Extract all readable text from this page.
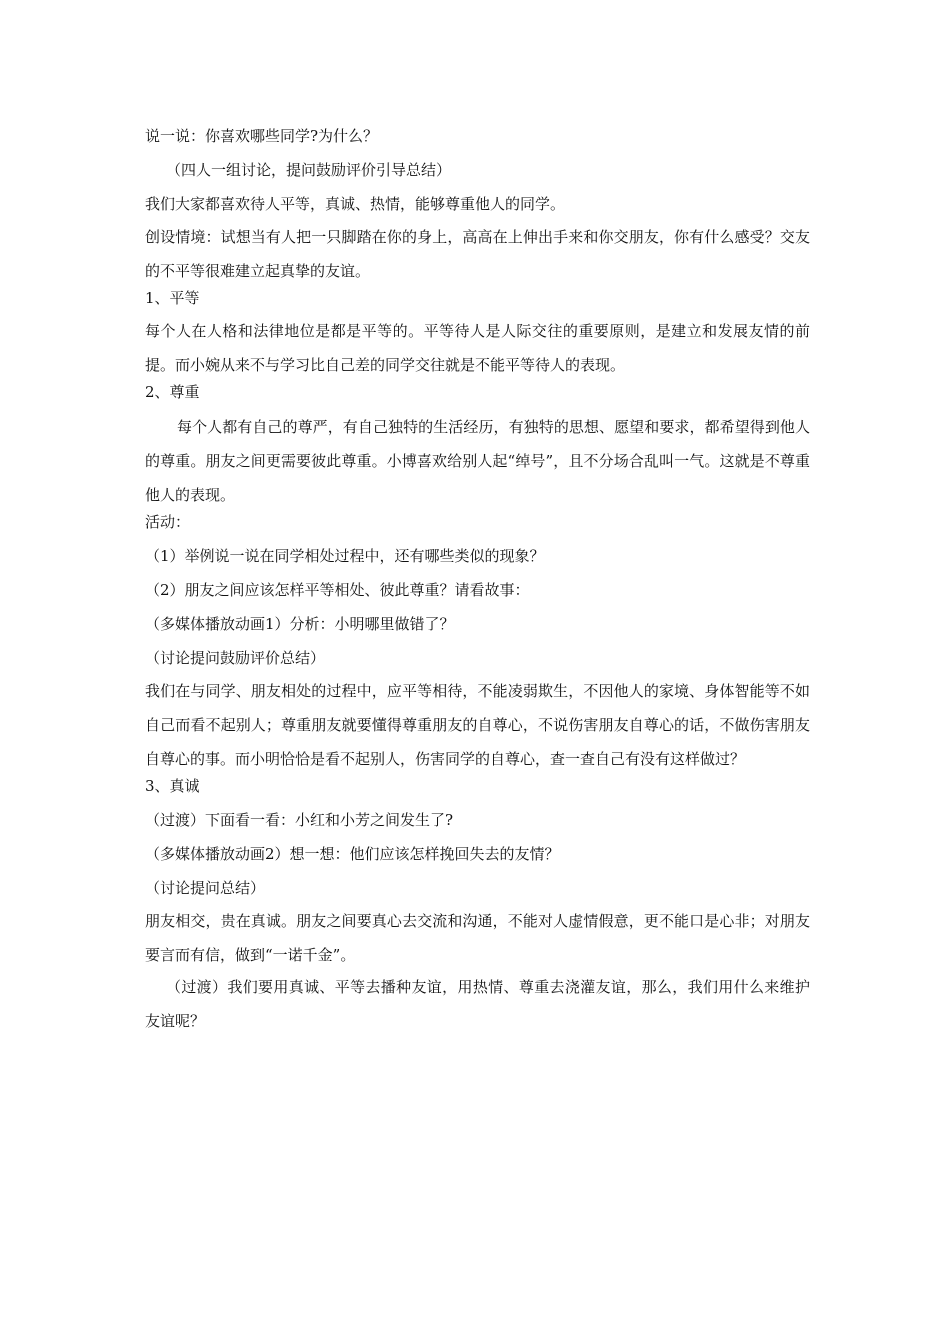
说一说：你喜欢哪些同学?为什么？
（四人一组讨论，提问鼓励评价引导总结）
我们大家都喜欢待人平等，真诚、热情，能够尊重他人的同学。
创设情境：试想当有人把一只脚踏在你的身上，高高在上伸出手来和你交朋友，你有什么感受？交友的不平等很难建立起真挚的友谊。
1、平等
每个人在人格和法律地位是都是平等的。平等待人是人际交往的重要原则，是建立和发展友情的前提。而小婉从来不与学习比自己差的同学交往就是不能平等待人的表现。
2、尊重
每个人都有自己的尊严，有自己独特的生活经历，有独特的思想、愿望和要求，都希望得到他人的尊重。朋友之间更需要彼此尊重。小博喜欢给别人起“绰号”，且不分场合乱叫一气。这就是不尊重他人的表现。
活动：
（1）举例说一说在同学相处过程中，还有哪些类似的现象？
（2）朋友之间应该怎样平等相处、彼此尊重？请看故事：
（多媒体播放动画1）分析：小明哪里做错了？
（讨论提问鼓励评价总结）
我们在与同学、朋友相处的过程中，应平等相待，不能凌弱欺生，不因他人的家境、身体智能等不如自己而看不起别人；尊重朋友就要懂得尊重朋友的自尊心，不说伤害朋友自尊心的话，不做伤害朋友自尊心的事。而小明恰恰是看不起别人，伤害同学的自尊心，查一查自己有没有这样做过？
3、真诚
（过渡）下面看一看：小红和小芳之间发生了?
（多媒体播放动画2）想一想：他们应该怎样挽回失去的友情？
（讨论提问总结）
朋友相交，贵在真诚。朋友之间要真心去交流和沟通，不能对人虚情假意，更不能口是心非；对朋友要言而有信，做到“一诺千金”。
（过渡）我们要用真诚、平等去播种友谊，用热情、尊重去浇灌友谊，那么，我们用什么来维护友谊呢？
